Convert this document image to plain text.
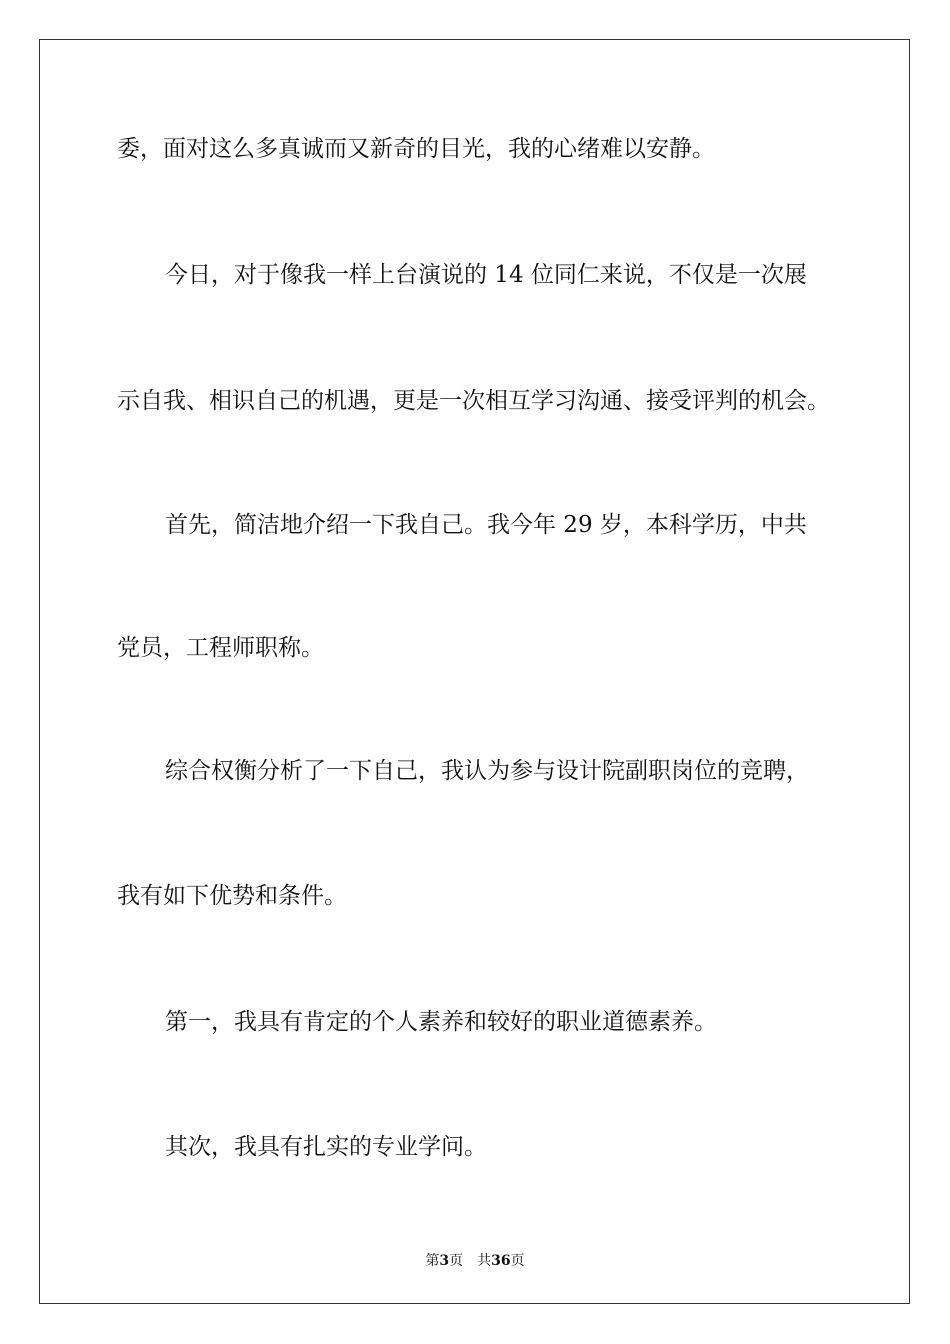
委，面对这么多真诚而又新奇的目光，我的心绪难以安静。
今日，对于像我一样上台演说的 14 位同仁来说，不仅是一次展
示自我、相识自己的机遇，更是一次相互学习沟通、接受评判的机会。
首先，简洁地介绍一下我自己。我今年 29 岁，本科学历，中共
党员，工程师职称。
综合权衡分析了一下自己，我认为参与设计院副职岗位的竞聘，
我有如下优势和条件。
第一，我具有肯定的个人素养和较好的职业道德素养。
其次，我具有扎实的专业学问。
第3页 共36页
